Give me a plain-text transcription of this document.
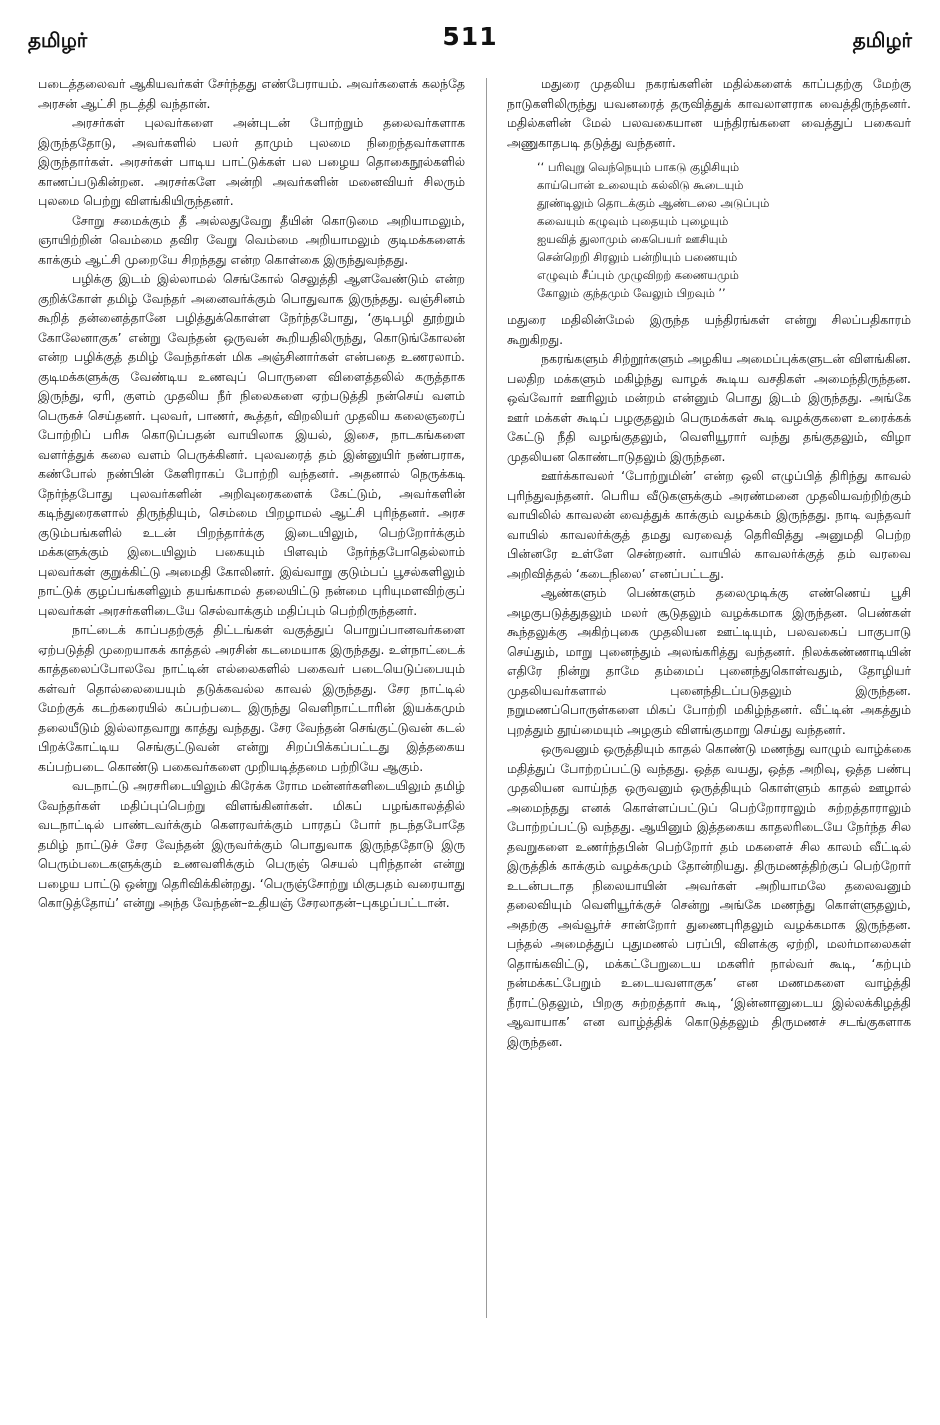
தமிழர்	511	தமிழர்

படைத்தலைவர் ஆகியவர்கள் சேர்ந்தது எண்பேராயம். அவர்களைக் கலந்தே அரசன் ஆட்சி நடத்தி வந்தான்.

அரசர்கள் புலவர்களை அன்புடன் போற்றும் தலைவர்களாக இருந்ததோடு, அவர்களில் பலர் தாமும் புலமை நிறைந்தவர்களாக இருந்தார்கள். அரசர்கள் பாடிய பாட்டுக்கள் பல பழைய தொகைநூல்களில் காணப்படுகின்றன. அரசர்களே அன்றி அவர்களின் மனைவியர் சிலரும் புலமை பெற்று விளங்கியிருந்தனர்.

சோறு சமைக்கும் தீ அல்லதுவேறு தீயின் கொடுமை அறியாமலும், ஞாயிற்றின் வெம்மை தவிர வேறு வெம்மை அறியாமலும் குடிமக்களைக் காக்கும் ஆட்சி முறையே சிறந்தது என்ற கொள்கை இருந்துவந்தது.

பழிக்கு இடம் இல்லாமல் செங்கோல் செலுத்தி ஆளவேண்டும் என்ற குறிக்கோள் தமிழ் வேந்தர் அனைவர்க்கும் பொதுவாக இருந்தது. வஞ்சினம் கூறித் தன்னைத்தானே பழித்துக்கொள்ள நேர்ந்தபோது, ‘குடிபழி தூற்றும் கோலேனாகுக’ என்று வேந்தன் ஒருவன் கூறியதிலிருந்து, கொடுங்கோலன் என்ற பழிக்குத் தமிழ் வேந்தர்கள் மிக அஞ்சினார்கள் என்பதை உணரலாம். குடிமக்களுக்கு வேண்டிய உணவுப் பொருளை விளைத்தலில் கருத்தாக இருந்து, ஏரி, குளம் முதலிய நீர் நிலைகளை ஏற்படுத்தி நன்செய் வளம் பெருகச் செய்தனர். புலவர், பாணர், கூத்தர், விறலியர் முதலிய கலைஞரைப் போற்றிப் பரிசு கொடுப்பதன் வாயிலாக இயல், இசை, நாடகங்களை வளர்த்துக் கலை வளம் பெருக்கினர். புலவரைத் தம் இன்னுயிர் நண்பராக, கண்போல் நண்பின் கேளிராகப் போற்றி வந்தனர். அதனால் நெருக்கடி நேர்ந்தபோது புலவர்களின் அறிவுரைகளைக் கேட்டும், அவர்களின் கடிந்துரைகளால் திருந்தியும், செம்மை பிறழாமல் ஆட்சி புரிந்தனர். அரச குடும்பங்களில் உடன் பிறந்தார்க்கு இடையிலும், பெற்றோர்க்கும் மக்களுக்கும் இடையிலும் பகையும் பிளவும் நேர்ந்தபோதெல்லாம் புலவர்கள் குறுக்கிட்டு அமைதி கோலினர். இவ்வாறு குடும்பப் பூசல்களிலும் நாட்டுக் குழப்பங்களிலும் தயங்காமல் தலையிட்டு நன்மை புரியுமளவிற்குப் புலவர்கள் அரசர்களிடையே செல்வாக்கும் மதிப்பும் பெற்றிருந்தனர்.

நாட்டைக் காப்பதற்குத் திட்டங்கள் வகுத்துப் பொறுப்பானவர்களை ஏற்படுத்தி முறையாகக் காத்தல் அரசின் கடமையாக இருந்தது. உள்நாட்டைக் காத்தலைப்போலவே நாட்டின் எல்லைகளில் பகைவர் படையெடுப்பையும் கள்வர் தொல்லையையும் தடுக்கவல்ல காவல் இருந்தது. சேர நாட்டில் மேற்குக் கடற்கரையில் கப்பற்படை இருந்து வெளிநாட்டாரின் இயக்கமும் தலையீடும் இல்லாதவாறு காத்து வந்தது. சேர வேந்தன் செங்குட்டுவன் கடல் பிறக்கோட்டிய செங்குட்டுவன் என்று சிறப்பிக்கப்பட்டது இத்தகைய கப்பற்படை கொண்டு பகைவர்களை முறியடித்தமை பற்றியே ஆகும்.

வடநாட்டு அரசரிடையிலும் கிரேக்க ரோம மன்னர்களிடையிலும் தமிழ் வேந்தர்கள் மதிப்புப்பெற்று விளங்கினர்கள். மிகப் பழங்காலத்தில் வடநாட்டில் பாண்டவர்க்கும் கௌரவர்க்கும் பாரதப் போர் நடந்தபோதே தமிழ் நாட்டுச் சேர வேந்தன் இருவர்க்கும் பொதுவாக இருந்ததோடு இரு பெரும்படைகளுக்கும் உணவளிக்கும் பெருஞ் செயல் புரிந்தான் என்று பழைய பாட்டு ஒன்று தெரிவிக்கின்றது. ‘பெருஞ்சோற்று மிகுபதம் வரையாது கொடுத்தோய்’ என்று அந்த வேந்தன்–உதியஞ் சேரலாதன்–புகழப்பட்டான்.

மதுரை முதலிய நகரங்களின் மதில்களைக் காப்பதற்கு மேற்கு நாடுகளிலிருந்து யவனரைத் தருவித்துக் காவலாளராக வைத்திருந்தனர். மதில்களின் மேல் பலவகையான யந்திரங்களை வைத்துப் பகைவர் அணுகாதபடி தடுத்து வந்தனர்.

‘‘ பரிவுறு வெந்நெயும் பாகடு குழிசியும்
காய்பொன் உலையும் கல்லிடு கூடையும்
தூண்டிலும் தொடக்கும் ஆண்டலை அடுப்பும்
கவையும் கழுவும் புதையும் புழையும்
ஐயவித் துலாமும் கைபெயர் ஊசியும்
சென்றெறி சிரலும் பன்றியும் பணையும்
எழுவும் சீப்பும் முழுவிறற் கணையமும்
கோலும் குந்தமும் வேலும் பிறவும் ’’

மதுரை மதிலின்மேல் இருந்த யந்திரங்கள் என்று சிலப்பதிகாரம் கூறுகிறது.

நகரங்களும் சிற்றூர்களும் அழகிய அமைப்புக்களுடன் விளங்கின. பலதிற மக்களும் மகிழ்ந்து வாழக் கூடிய வசதிகள் அமைந்திருந்தன. ஒவ்வோர் ஊரிலும் மன்றம் என்னும் பொது இடம் இருந்தது. அங்கே ஊர் மக்கள் கூடிப் பழகுதலும் பெருமக்கள் கூடி வழக்குகளை உரைக்கக் கேட்டு நீதி வழங்குதலும், வெளியூரார் வந்து தங்குதலும், விழா முதலியன கொண்டாடுதலும் இருந்தன.

ஊர்க்காவலர் ‘போற்றுமின்’ என்ற ஒலி எழுப்பித் திரிந்து காவல் புரிந்துவந்தனர். பெரிய வீடுகளுக்கும் அரண்மனை முதலியவற்றிற்கும் வாயிலில் காவலன் வைத்துக் காக்கும் வழக்கம் இருந்தது. நாடி வந்தவர் வாயில் காவலர்க்குத் தமது வரவைத் தெரிவித்து அனுமதி பெற்ற பின்னரே உள்ளே சென்றனர். வாயில் காவலர்க்குத் தம் வரவை அறிவித்தல் ‘கடைநிலை’ எனப்பட்டது.

ஆண்களும் பெண்களும் தலைமுடிக்கு எண்ணெய் பூசி அழகுபடுத்துதலும் மலர் சூடுதலும் வழக்கமாக இருந்தன. பெண்கள் கூந்தலுக்கு அகிற்புகை முதலியன ஊட்டியும், பலவகைப் பாகுபாடு செய்தும், மாறு புனைந்தும் அலங்கரித்து வந்தனர். நிலக்கண்ணாடியின் எதிரே நின்று தாமே தம்மைப் புனைந்துகொள்வதும், தோழியர் முதலியவர்களால் புனைந்திடப்படுதலும் இருந்தன. நறுமணப்பொருள்களை மிகப் போற்றி மகிழ்ந்தனர். வீட்டின் அகத்தும் புறத்தும் தூய்மையும் அழகும் விளங்குமாறு செய்து வந்தனர்.

ஒருவனும் ஒருத்தியும் காதல் கொண்டு மணந்து வாழும் வாழ்க்கை மதித்துப் போற்றப்பட்டு வந்தது. ஒத்த வயது, ஒத்த அறிவு, ஒத்த பண்பு முதலியன வாய்ந்த ஒருவனும் ஒருத்தியும் கொள்ளும் காதல் ஊழால் அமைந்தது எனக் கொள்ளப்பட்டுப் பெற்றோராலும் சுற்றத்தாராலும் போற்றப்பட்டு வந்தது. ஆயினும் இத்தகைய காதலரிடையே நேர்ந்த சில தவறுகளை உணர்ந்தபின் பெற்றோர் தம் மகளைச் சில காலம் வீட்டில் இருத்திக் காக்கும் வழக்கமும் தோன்றியது. திருமணத்திற்குப் பெற்றோர் உடன்படாத நிலையாயின் அவர்கள் அறியாமலே தலைவனும் தலைவியும் வெளியூர்க்குச் சென்று அங்கே மணந்து கொள்ளுதலும், அதற்கு அவ்வூர்ச் சான்றோர் துணைபுரிதலும் வழக்கமாக இருந்தன. பந்தல் அமைத்துப் புதுமணல் பரப்பி, விளக்கு ஏற்றி, மலர்மாலைகள் தொங்கவிட்டு, மக்கட்பேறுடைய மகளிர் நால்வர் கூடி, ‘கற்பும் நன்மக்கட்பேறும் உடையவளாகுக’ என மணமகளை வாழ்த்தி நீராட்டுதலும், பிறகு சுற்றத்தார் கூடி, ‘இன்னானுடைய இல்லக்கிழத்தி ஆவாயாக’ என வாழ்த்திக் கொடுத்தலும் திருமணச் சடங்குகளாக இருந்தன.
